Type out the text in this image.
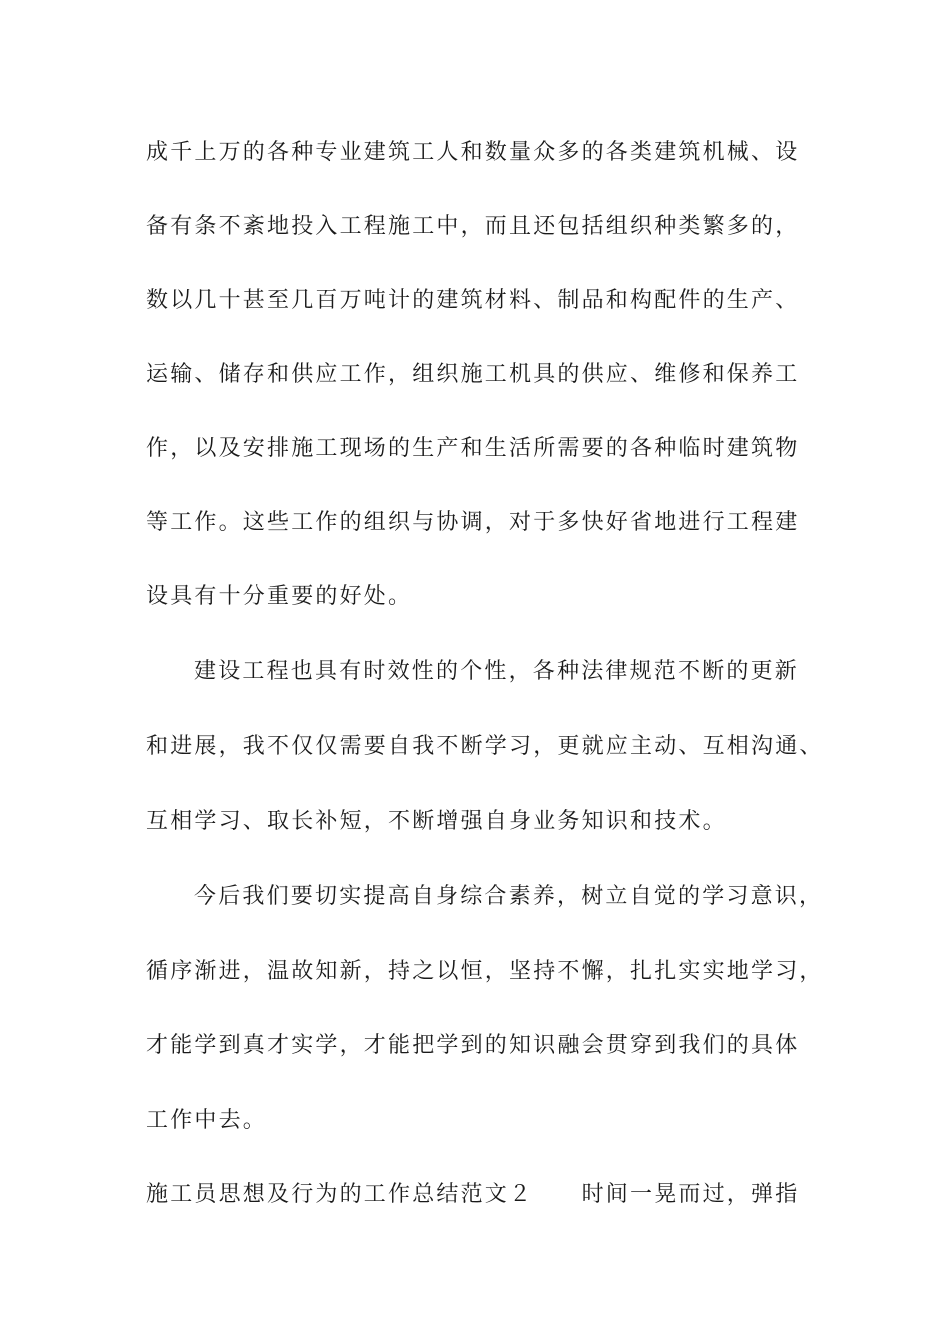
成千上万的各种专业建筑工人和数量众多的各类建筑机械、设
备有条不紊地投入工程施工中，而且还包括组织种类繁多的，
数以几十甚至几百万吨计的建筑材料、制品和构配件的生产、
运输、储存和供应工作，组织施工机具的供应、维修和保养工
作，以及安排施工现场的生产和生活所需要的各种临时建筑物
等工作。这些工作的组织与协调，对于多快好省地进行工程建
设具有十分重要的好处。
建设工程也具有时效性的个性，各种法律规范不断的更新
和进展，我不仅仅需要自我不断学习，更就应主动、互相沟通、
互相学习、取长补短，不断增强自身业务知识和技术。
今后我们要切实提高自身综合素养，树立自觉的学习意识，
循序渐进，温故知新，持之以恒，坚持不懈，扎扎实实地学习，
才能学到真才实学，才能把学到的知识融会贯穿到我们的具体
工作中去。
施工员思想及行为的工作总结范文２　　时间一晃而过，弹指
